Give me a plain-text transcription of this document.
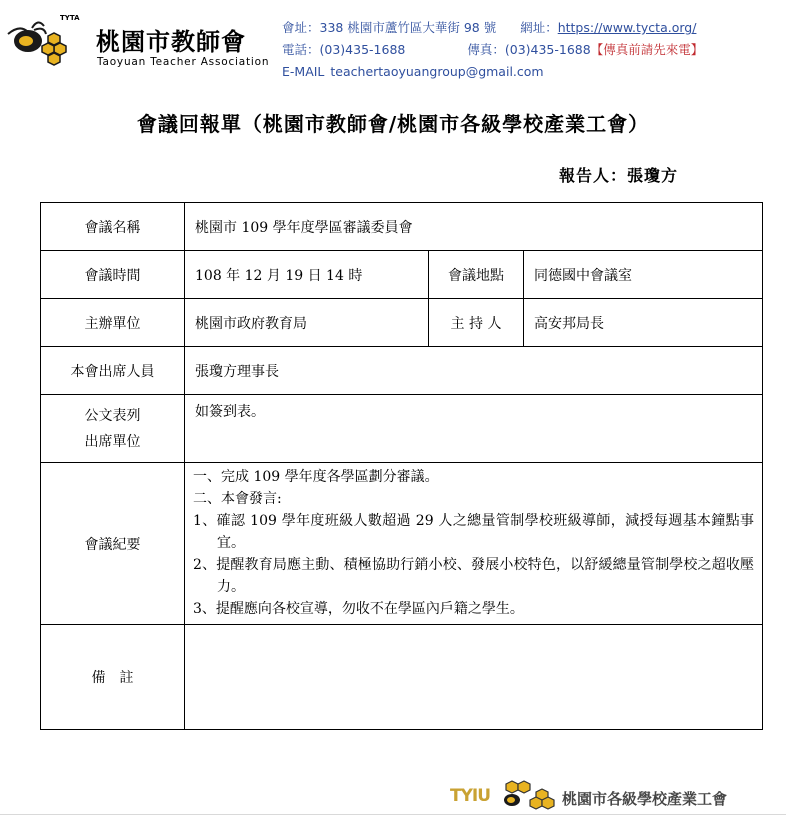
TYTA
桃園市教師會
Taoyuan Teacher Association
會址：338 桃園市蘆竹區大華街 98 號 網址：https://www.tycta.org/
電話：(03)435-1688	傳真：(03)435-1688【傳真前請先來電】
E-MAIL teachertaoyuangroup@gmail.com
會議回報單（桃園市教師會/桃園市各級學校產業工會）
報告人：張瓊方
會議名稱	桃園市 109 學年度學區審議委員會		
會議時間	108 年 12 月 19 日 14 時	會議地點	同德國中會議室
主辦單位	桃園市政府教育局	主 持 人	高安邦局長
本會出席人員	張瓊方理事長		

公文表列
出席單位	如簽到表。		
會議紀要	一、完成 109 學年度各學區劃分審議。

二、本會發言:

1、確認 109 學年度班級人數超過 29 人之總量管制學校班級導師，減授每週基本鐘點事宜。

2、提醒教育局應主動、積極協助行銷小校、發展小校特色，以舒緩總量管制學校之超收壓力。

3、提醒應向各校宣導，勿收不在學區內戶籍之學生。		

備　註			
TYIU	桃園市各級學校產業工會
